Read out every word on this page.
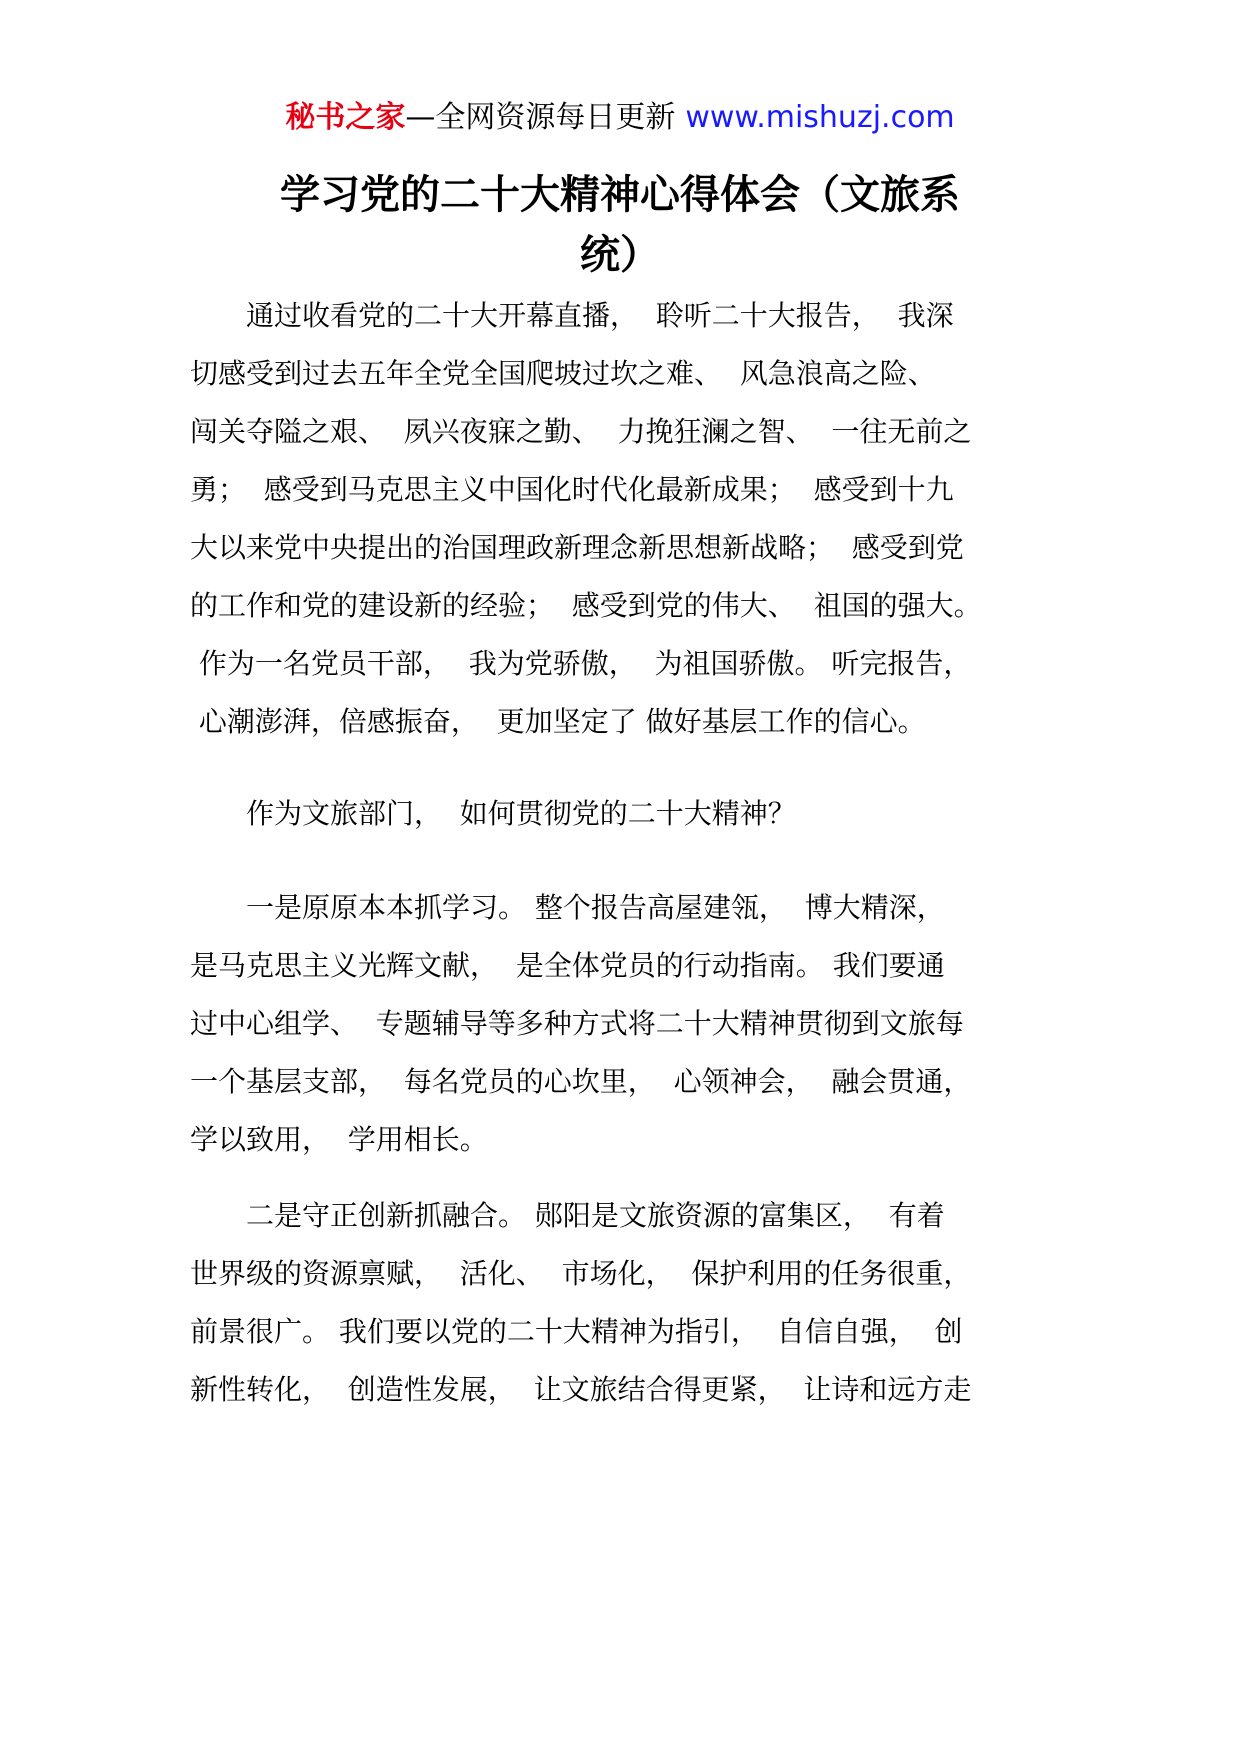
秘书之家—全网资源每日更新 www.mishuzj.com
学习党的二十大精神心得体会（文旅系
统）
　　通过收看党的二十大开幕直播，  聆听二十大报告，  我深
切感受到过去五年全党全国爬坡过坎之难、  风急浪高之险、
闯关夺隘之艰、  夙兴夜寐之勤、  力挽狂澜之智、  一往无前之
勇；  感受到马克思主义中国化时代化最新成果；  感受到十九
大以来党中央提出的治国理政新理念新思想新战略；  感受到党
的工作和党的建设新的经验；  感受到党的伟大、  祖国的强大。
作为一名党员干部，  我为党骄傲，  为祖国骄傲。 听完报告，
心潮澎湃，倍感振奋，  更加坚定了 做好基层工作的信心。
　　作为文旅部门，  如何贯彻党的二十大精神？
　　一是原原本本抓学习。 整个报告高屋建瓴，  博大精深，
是马克思主义光辉文献，  是全体党员的行动指南。 我们要通
过中心组学、  专题辅导等多种方式将二十大精神贯彻到文旅每
一个基层支部，  每名党员的心坎里，  心领神会，  融会贯通，
学以致用，  学用相长。
　　二是守正创新抓融合。 郧阳是文旅资源的富集区，  有着
世界级的资源禀赋，  活化、  市场化，  保护利用的任务很重，
前景很广。 我们要以党的二十大精神为指引，  自信自强，  创
新性转化，  创造性发展，  让文旅结合得更紧，  让诗和远方走
